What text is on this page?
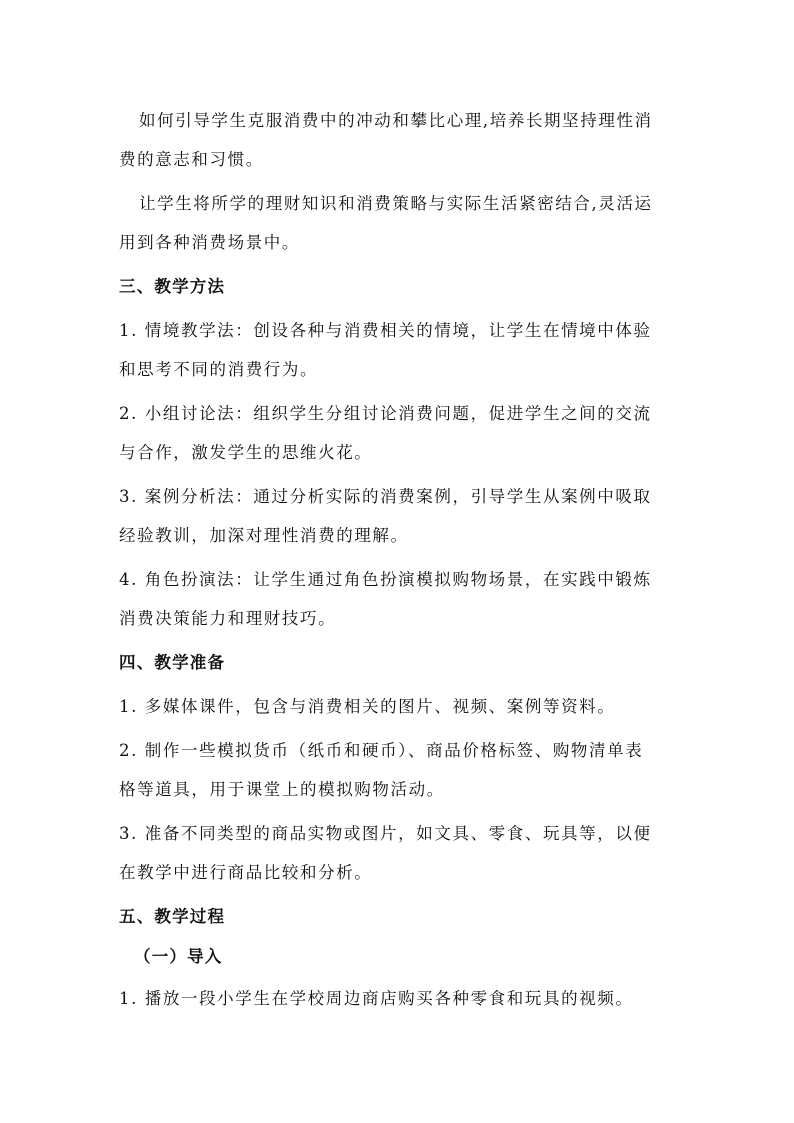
如何引导学生克服消费中的冲动和攀比心理,培养长期坚持理性消
费的意志和习惯。
让学生将所学的理财知识和消费策略与实际生活紧密结合,灵活运
用到各种消费场景中。
三、教学方法
1. 情境教学法：创设各种与消费相关的情境，让学生在情境中体验
和思考不同的消费行为。
2. 小组讨论法：组织学生分组讨论消费问题，促进学生之间的交流
与合作，激发学生的思维火花。
3. 案例分析法：通过分析实际的消费案例，引导学生从案例中吸取
经验教训，加深对理性消费的理解。
4. 角色扮演法：让学生通过角色扮演模拟购物场景，在实践中锻炼
消费决策能力和理财技巧。
四、教学准备
1. 多媒体课件，包含与消费相关的图片、视频、案例等资料。
2. 制作一些模拟货币（纸币和硬币）、商品价格标签、购物清单表
格等道具，用于课堂上的模拟购物活动。
3. 准备不同类型的商品实物或图片，如文具、零食、玩具等，以便
在教学中进行商品比较和分析。
五、教学过程
（一）导入
1. 播放一段小学生在学校周边商店购买各种零食和玩具的视频。
